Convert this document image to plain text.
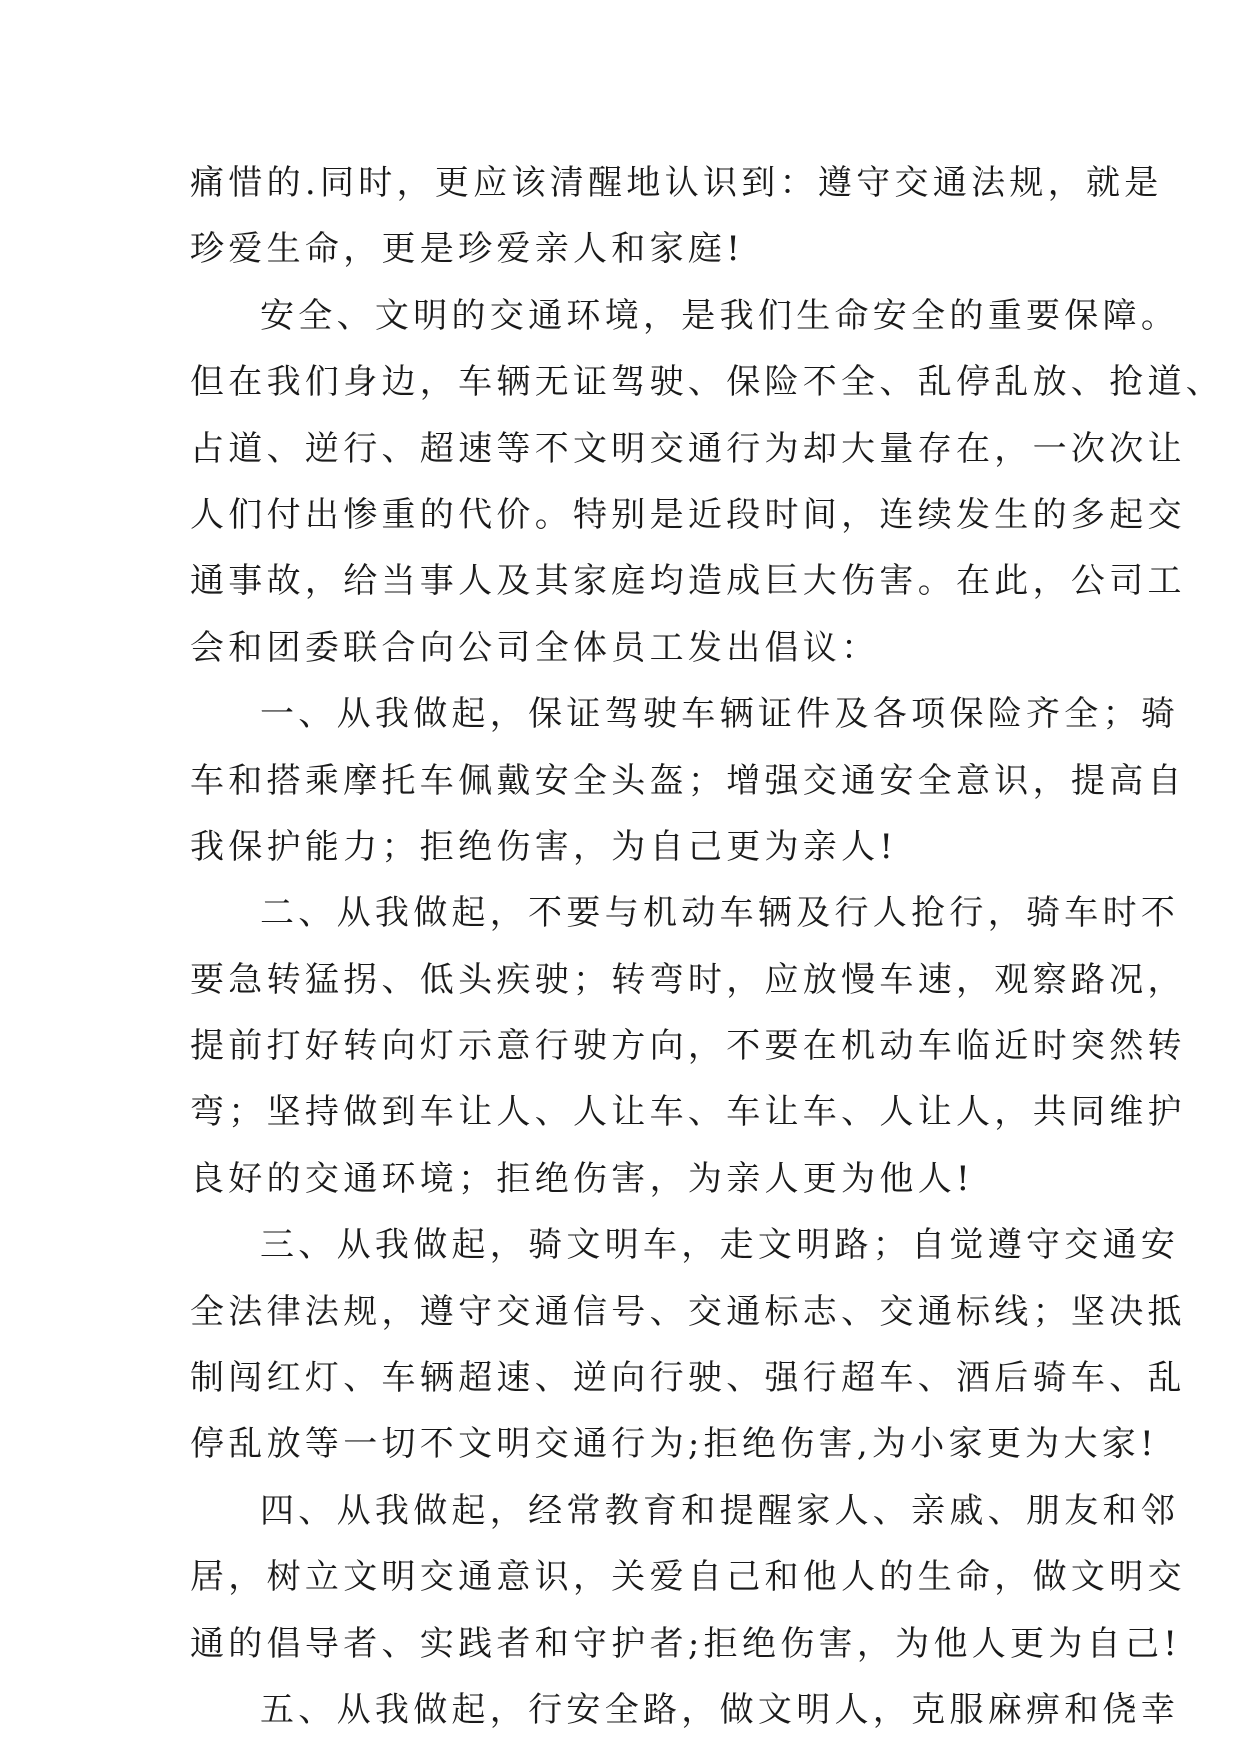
痛惜的.同时，更应该清醒地认识到：遵守交通法规，就是
珍爱生命，更是珍爱亲人和家庭!
安全、文明的交通环境，是我们生命安全的重要保障。
但在我们身边，车辆无证驾驶、保险不全、乱停乱放、抢道、
占道、逆行、超速等不文明交通行为却大量存在，一次次让
人们付出惨重的代价。特别是近段时间，连续发生的多起交
通事故，给当事人及其家庭均造成巨大伤害。在此，公司工
会和团委联合向公司全体员工发出倡议：
一、从我做起，保证驾驶车辆证件及各项保险齐全；骑
车和搭乘摩托车佩戴安全头盔；增强交通安全意识，提高自
我保护能力；拒绝伤害，为自己更为亲人!
二、从我做起，不要与机动车辆及行人抢行，骑车时不
要急转猛拐、低头疾驶；转弯时，应放慢车速，观察路况，
提前打好转向灯示意行驶方向，不要在机动车临近时突然转
弯；坚持做到车让人、人让车、车让车、人让人，共同维护
良好的交通环境；拒绝伤害，为亲人更为他人!
三、从我做起，骑文明车，走文明路；自觉遵守交通安
全法律法规，遵守交通信号、交通标志、交通标线；坚决抵
制闯红灯、车辆超速、逆向行驶、强行超车、酒后骑车、乱
停乱放等一切不文明交通行为;拒绝伤害,为小家更为大家!
四、从我做起，经常教育和提醒家人、亲戚、朋友和邻
居，树立文明交通意识，关爱自己和他人的生命，做文明交
通的倡导者、实践者和守护者;拒绝伤害，为他人更为自己!
五、从我做起，行安全路，做文明人，克服麻痹和侥幸
